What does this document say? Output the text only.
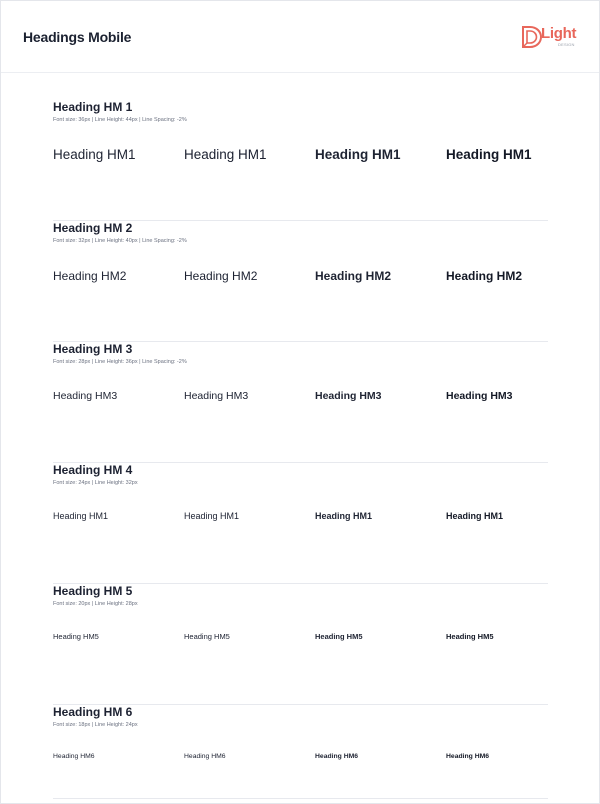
Headings Mobile	Light
DESIGN
Heading HM 1
Font size: 36px | Line Height: 44px | Line Spacing: -2%
Heading HM1	Heading HM1	Heading HM1	Heading HM1
Heading HM 2
Font size: 32px | Line Height: 40px | Line Spacing: -2%
Heading HM2	Heading HM2	Heading HM2	Heading HM2
Heading HM 3
Font size: 28px | Line Height: 36px | Line Spacing: -2%
Heading HM3	Heading HM3	Heading HM3	Heading HM3
Heading HM 4
Font size: 24px | Line Height: 32px
Heading HM1	Heading HM1	Heading HM1	Heading HM1
Heading HM 5
Font size: 20px | Line Height: 28px
Heading HM5	Heading HM5	Heading HM5	Heading HM5
Heading HM 6
Font size: 18px | Line Height: 24px
Heading HM6	Heading HM6	Heading HM6	Heading HM6
